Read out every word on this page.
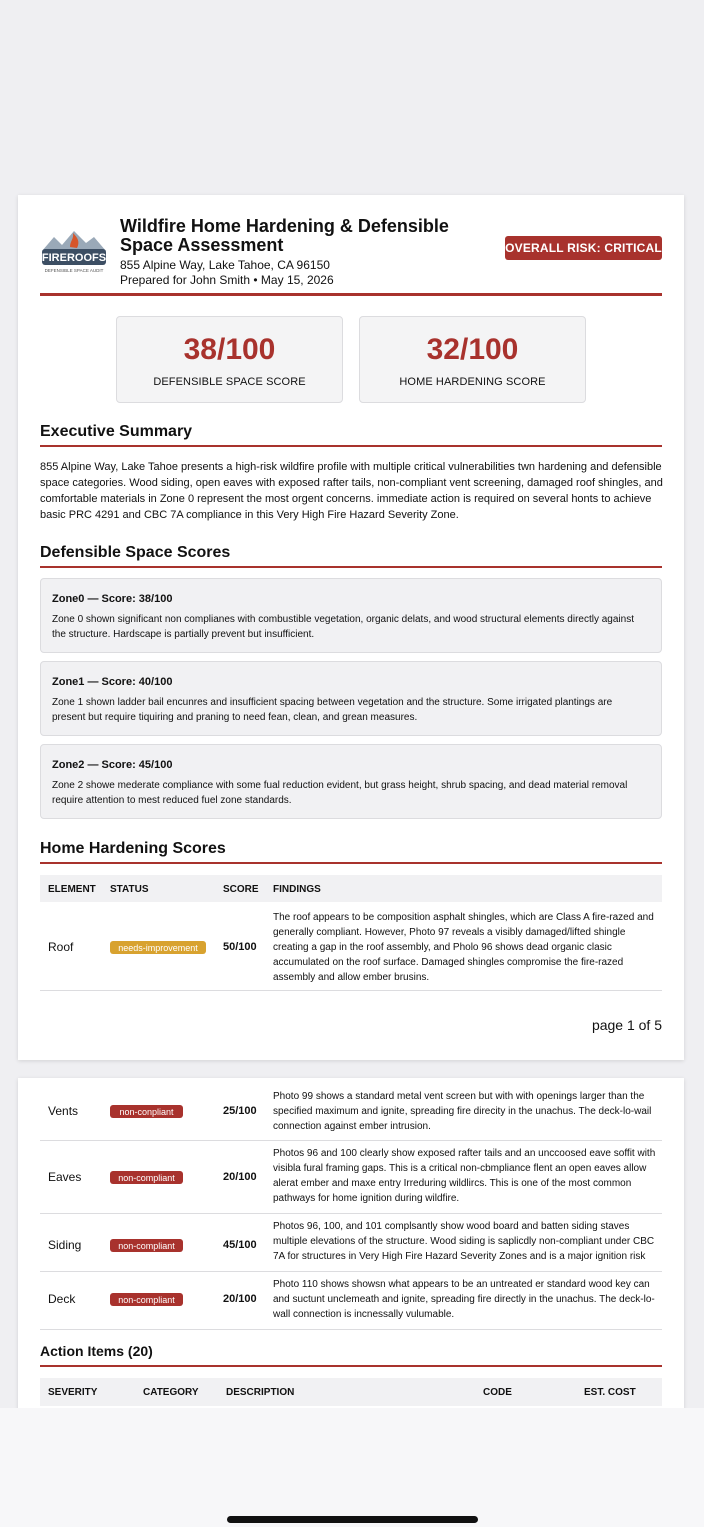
FIREROOFS
DEFENSIBLE SPACE AUDIT
Wildfire Home Hardening & Defensible Space Assessment
855 Alpine Way, Lake Tahoe, CA 96150
Prepared for John Smith • May 15, 2026
OVERALL RISK: CRITICAL
38/100
DEFENSIBLE SPACE SCORE
32/100
HOME HARDENING SCORE
Executive Summary
855 Alpine Way, Lake Tahoe presents a high-risk wildfire profile with multiple critical vulnerabilities twn hardening and defensible space categories. Wood siding, open eaves with exposed rafter tails, non-compliant vent screening, damaged roof shingles, and comfortable materials in Zone 0 represent the most orgent concerns. immediate action is required on several honts to achieve basic PRC 4291 and CBC 7A compliance in this Very High Fire Hazard Severity Zone.
Defensible Space Scores
Zone0 — Score: 38/100
Zone 0 shown significant non complianes with combustible vegetation, organic delats, and wood structural elements directly against the structure. Hardscape is partially prevent but insufficient.
Zone1 — Score: 40/100
Zone 1 shown ladder bail encunres and insufficient spacing between vegetation and the structure. Some irrigated plantings are present but require tiquiring and praning to need fean, clean, and grean measures.
Zone2 — Score: 45/100
Zone 2 showe mederate compliance with some fual reduction evident, but grass height, shrub spacing, and dead material removal require attention to mest reduced fuel zone standards.
Home Hardening Scores
ELEMENT STATUS	SCORE FINDINGS
Roof	needs-improvement	50/100
The roof appears to be composition asphalt shingles, which are Class A fire-razed and generally compliant. However, Photo 97 reveals a visibly damaged/lifted shingle creating a gap in the roof assembly, and Pholo 96 shows dead organic clasic accumulated on the roof surface. Damaged shingles compromise the fire-razed assembly and allow ember brusins.
page 1 of 5
Vents	non-conpliant	25/100
Photo 99 shows a standard metal vent screen but with with openings larger than the specified maximum and ignite, spreading fire direcity in the unachus. The deck-lo-wail connection against ember intrusion.
Eaves	non-compliant	20/100
Photos 96 and 100 clearly show exposed rafter tails and an unccoosed eave soffit with visibla fural framing gaps. This is a critical non-cbmpliance flent an open eaves allow alerat ember and maxe entry Irreduring wildlircs. This is one of the most common pathways for home ignition during wildfire.
Siding	non-compliant	45/100
Photos 96, 100, and 101 complsantly show wood board and batten siding staves multiple elevations of the structure. Wood siding is saplicdly non-compliant under CBC 7A for structures in Very High Fire Hazard Severity Zones and is a major ignition risk
Deck	non-compliant	20/100
Photo 110 shows showsn what appears to be an untreated er standard wood key can and suctunt unclemeath and ignite, spreading fire directly in the unachus. The deck-lo-wall connection is incnessally vulumable.
Action Items (20)
SEVERITY	CATEGORY	DESCRIPTION	CODE	EST. COST
